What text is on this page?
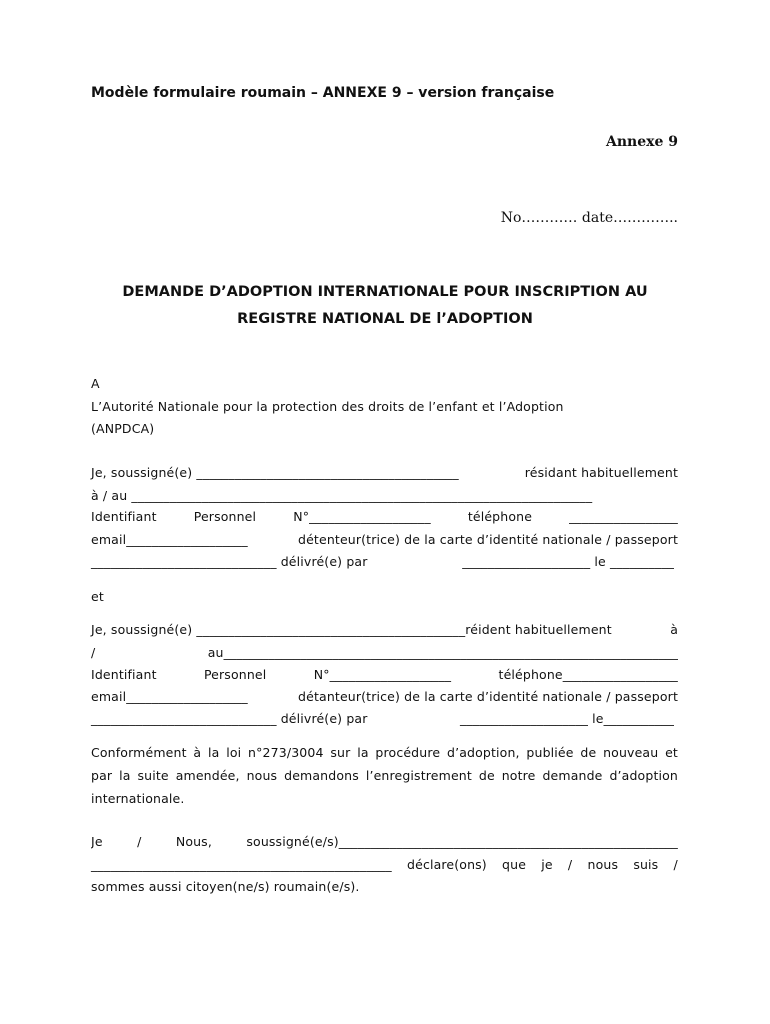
Modèle formulaire roumain – ANNEXE 9 – version française
Annexe 9
No………… date…………..
DEMANDE D’ADOPTION INTERNATIONALE POUR INSCRIPTION AU
REGISTRE NATIONAL DE l’ADOPTION
A
L’Autorité Nationale pour la protection des droits de l’enfant et l’Adoption
(ANPDCA)
Je, soussigné(e) _________________________________________	résidant habituellement
à / au ________________________________________________________________________
Identifiant	Personnel	N°___________________	téléphone	_________________
email___________________	détenteur(trice) de la carte d’identité nationale / passeport
_____________________________ délivré(e) par	____________________ le __________
et
Je, soussigné(e) __________________________________________réident habituellement	à
/	au_______________________________________________________________________
Identifiant	Personnel	N°___________________	téléphone__________________
email___________________	détanteur(trice) de la carte d’identité nationale / passeport
_____________________________ délivré(e) par	____________________ le___________
Conformément à la loi n°273/3004 sur la procédure d’adoption, publiée de nouveau et
par la suite amendée, nous demandons l’enregistrement de notre demande d’adoption
internationale.
Je	/	Nous,	soussigné(e/s)_____________________________________________________
_______________________________________________ déclare(ons) que je / nous suis /
sommes aussi citoyen(ne/s) roumain(e/s).
